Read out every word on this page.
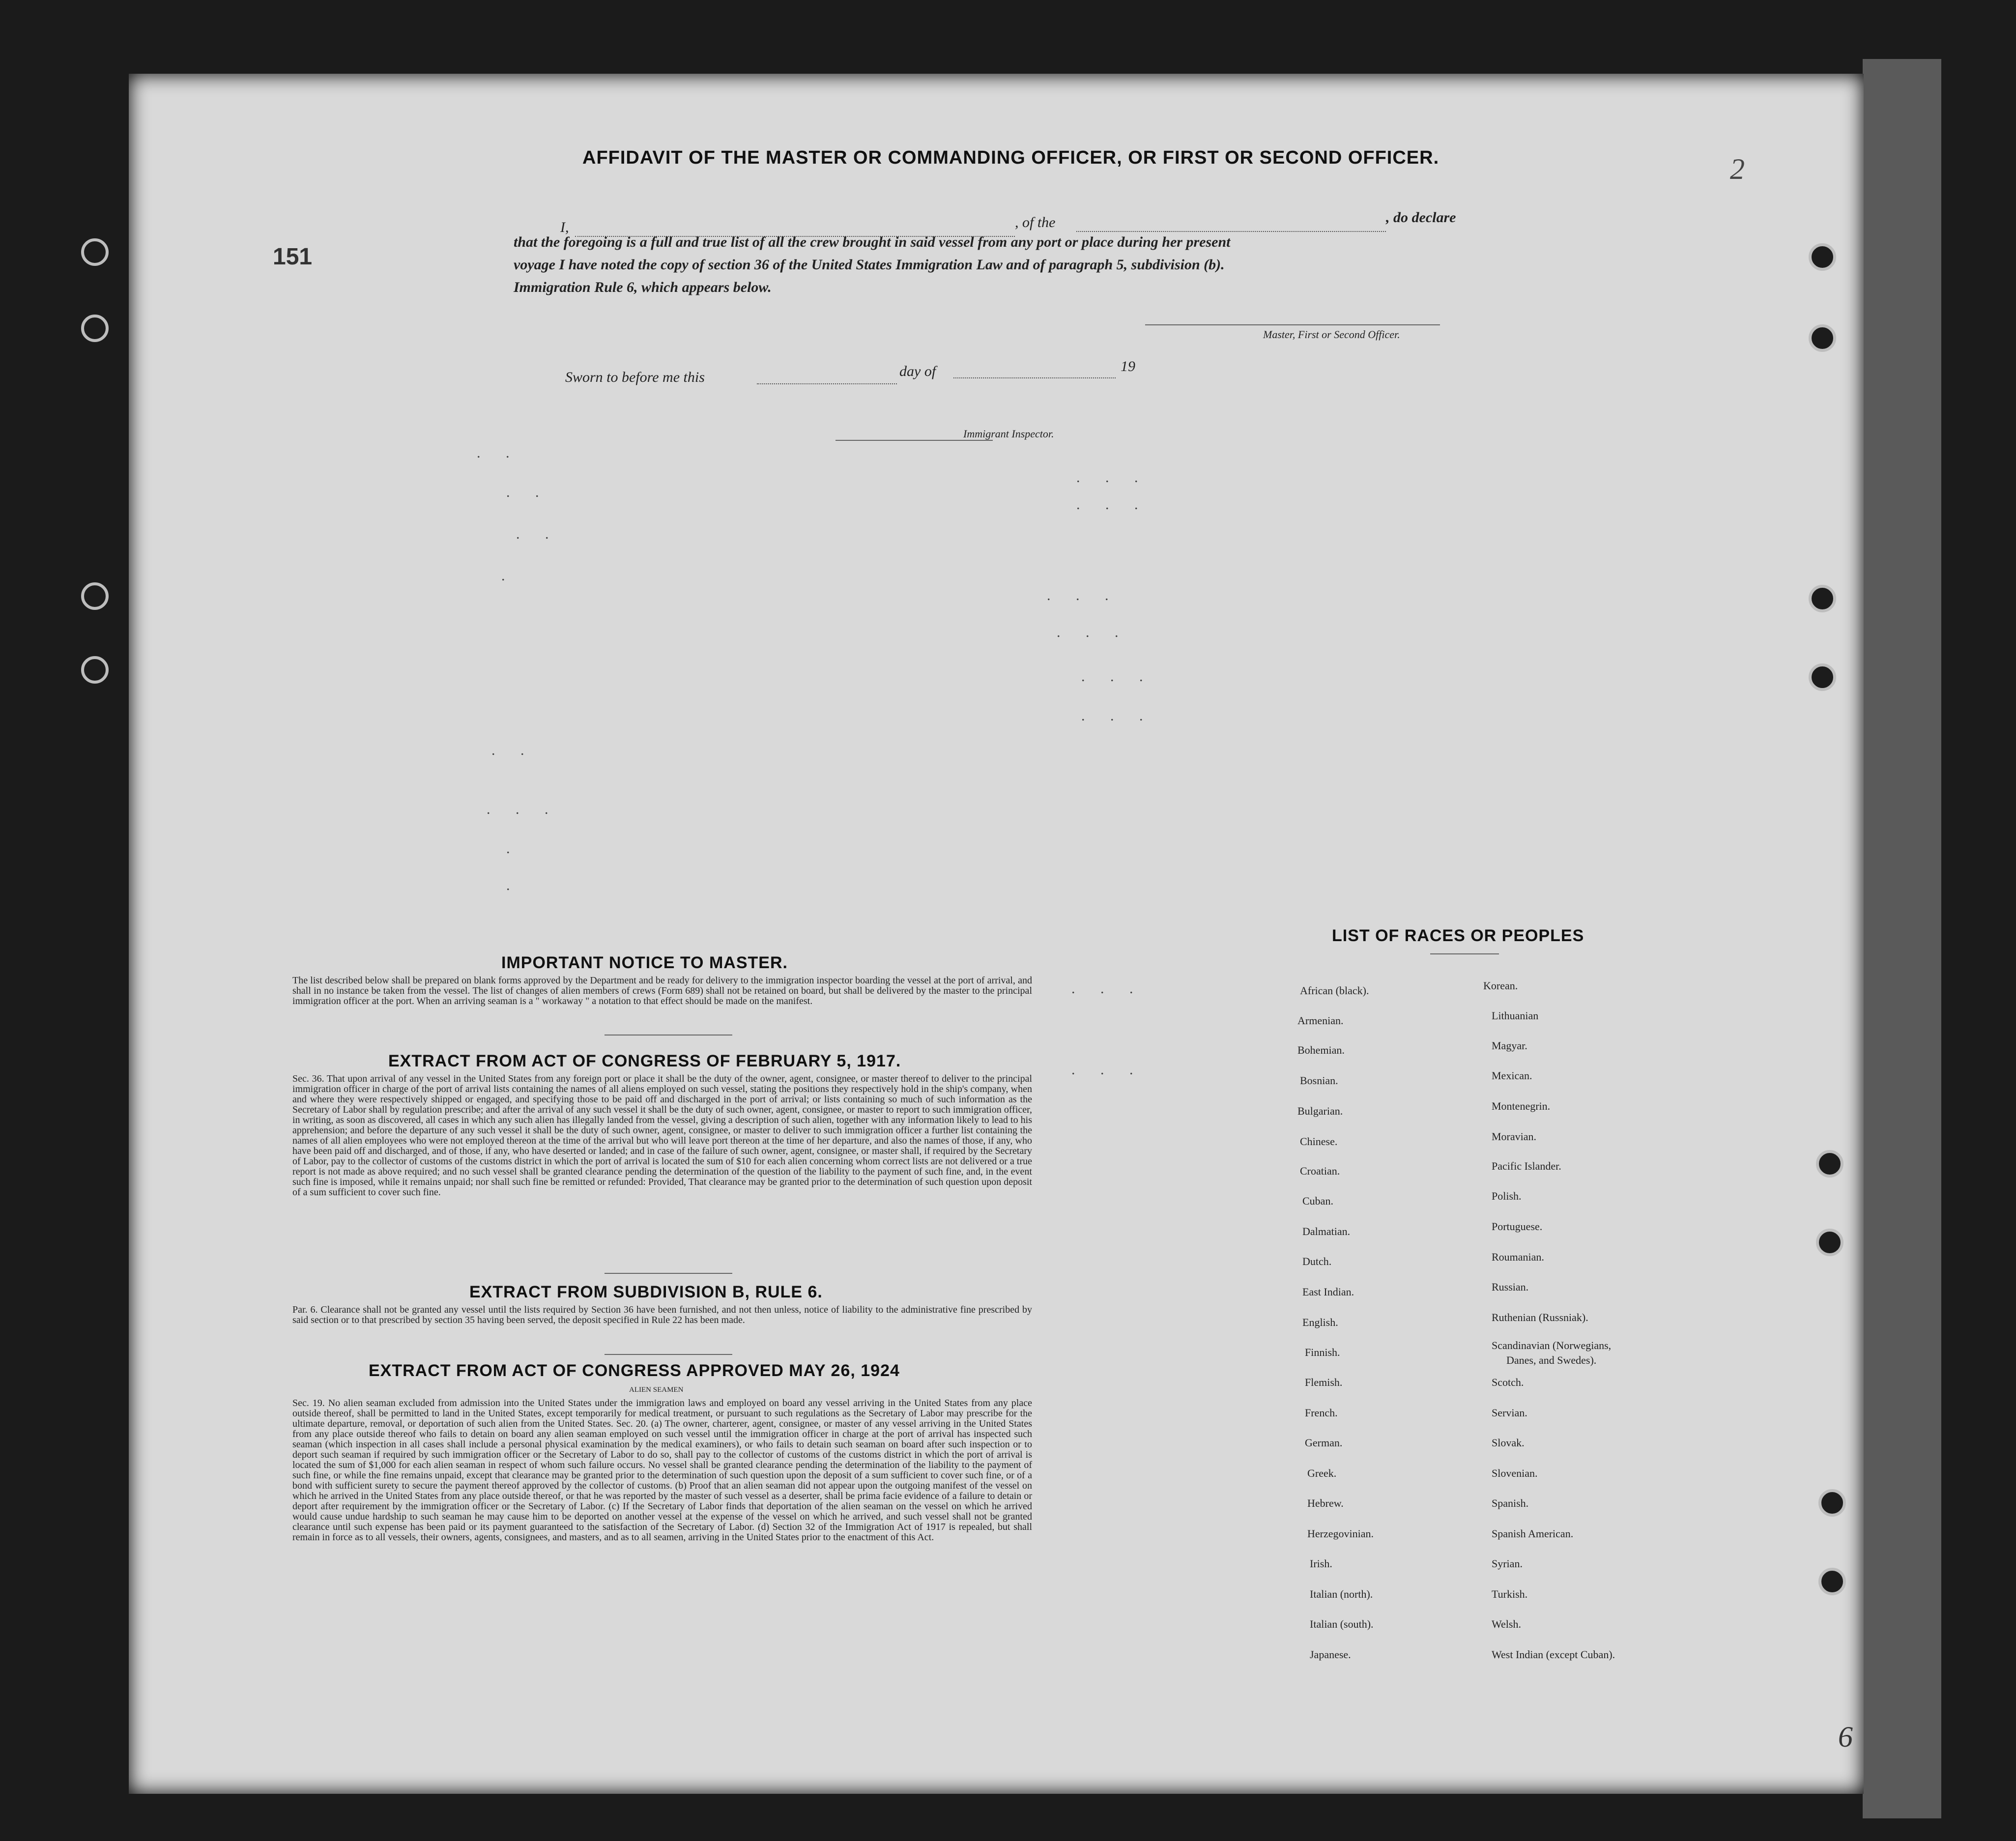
151
2
6
AFFIDAVIT OF THE MASTER OR COMMANDING OFFICER, OR FIRST OR SECOND OFFICER.
I,	, of the	, do declare
that the foregoing is a full and true list of all the crew brought in said vessel from any port or place during her present
voyage I have noted the copy of section 36 of the United States Immigration Law and of paragraph 5, subdivision (b).
Immigration Rule 6, which appears below.
Master, First or Second Officer.
Sworn to before me this	day of	19
Immigrant Inspector.
. .
. . .
. .
. . .
. .
.
. . .
. . .
. . .
. . .
. .
. . .
.
.
. . .
. . .
IMPORTANT NOTICE TO MASTER.
The list described below shall be prepared on blank forms approved by the Department and be ready for delivery to the immigration inspector boarding the vessel at the port of arrival, and shall in no instance be taken from the vessel. The list of changes of alien members of crews (Form 689) shall not be retained on board, but shall be delivered by the master to the principal immigration officer at the port. When an arriving seaman is a " workaway " a notation to that effect should be made on the manifest.
EXTRACT FROM ACT OF CONGRESS OF FEBRUARY 5, 1917.
Sec. 36. That upon arrival of any vessel in the United States from any foreign port or place it shall be the duty of the owner, agent, consignee, or master thereof to deliver to the principal immigration officer in charge of the port of arrival lists containing the names of all aliens employed on such vessel, stating the positions they respectively hold in the ship's company, when and where they were respectively shipped or engaged, and specifying those to be paid off and discharged in the port of arrival; or lists containing so much of such information as the Secretary of Labor shall by regulation prescribe; and after the arrival of any such vessel it shall be the duty of such owner, agent, consignee, or master to report to such immigration officer, in writing, as soon as discovered, all cases in which any such alien has illegally landed from the vessel, giving a description of such alien, together with any information likely to lead to his apprehension; and before the departure of any such vessel it shall be the duty of such owner, agent, consignee, or master to deliver to such immigration officer a further list containing the names of all alien employees who were not employed thereon at the time of the arrival but who will leave port thereon at the time of her departure, and also the names of those, if any, who have been paid off and discharged, and of those, if any, who have deserted or landed; and in case of the failure of such owner, agent, consignee, or master shall, if required by the Secretary of Labor, pay to the collector of customs of the customs district in which the port of arrival is located the sum of $10 for each alien concerning whom correct lists are not delivered or a true report is not made as above required; and no such vessel shall be granted clearance pending the determination of the question of the liability to the payment of such fine, and, in the event such fine is imposed, while it remains unpaid; nor shall such fine be remitted or refunded: Provided, That clearance may be granted prior to the determination of such question upon deposit of a sum sufficient to cover such fine.
EXTRACT FROM SUBDIVISION B, RULE 6.
Par. 6. Clearance shall not be granted any vessel until the lists required by Section 36 have been furnished, and not then unless, notice of liability to the administrative fine prescribed by said section or to that prescribed by section 35 having been served, the deposit specified in Rule 22 has been made.
EXTRACT FROM ACT OF CONGRESS APPROVED MAY 26, 1924
ALIEN SEAMEN
Sec. 19. No alien seaman excluded from admission into the United States under the immigration laws and employed on board any vessel arriving in the United States from any place outside thereof, shall be permitted to land in the United States, except temporarily for medical treatment, or pursuant to such regulations as the Secretary of Labor may prescribe for the ultimate departure, removal, or deportation of such alien from the United States. Sec. 20. (a) The owner, charterer, agent, consignee, or master of any vessel arriving in the United States from any place outside thereof who fails to detain on board any alien seaman employed on such vessel until the immigration officer in charge at the port of arrival has inspected such seaman (which inspection in all cases shall include a personal physical examination by the medical examiners), or who fails to detain such seaman on board after such inspection or to deport such seaman if required by such immigration officer or the Secretary of Labor to do so, shall pay to the collector of customs of the customs district in which the port of arrival is located the sum of $1,000 for each alien seaman in respect of whom such failure occurs. No vessel shall be granted clearance pending the determination of the liability to the payment of such fine, or while the fine remains unpaid, except that clearance may be granted prior to the determination of such question upon the deposit of a sum sufficient to cover such fine, or of a bond with sufficient surety to secure the payment thereof approved by the collector of customs. (b) Proof that an alien seaman did not appear upon the outgoing manifest of the vessel on which he arrived in the United States from any place outside thereof, or that he was reported by the master of such vessel as a deserter, shall be prima facie evidence of a failure to detain or deport after requirement by the immigration officer or the Secretary of Labor. (c) If the Secretary of Labor finds that deportation of the alien seaman on the vessel on which he arrived would cause undue hardship to such seaman he may cause him to be deported on another vessel at the expense of the vessel on which he arrived, and such vessel shall not be granted clearance until such expense has been paid or its payment guaranteed to the satisfaction of the Secretary of Labor. (d) Section 32 of the Immigration Act of 1917 is repealed, but shall remain in force as to all vessels, their owners, agents, consignees, and masters, and as to all seamen, arriving in the United States prior to the enactment of this Act.
LIST OF RACES OR PEOPLES
African (black).
Armenian.
Bohemian.
Bosnian.
Bulgarian.
Chinese.
Croatian.
Cuban.
Dalmatian.
Dutch.
East Indian.
English.
Finnish.
Flemish.
French.
German.
Greek.
Hebrew.
Herzegovinian.
Irish.
Italian (north).
Italian (south).
Japanese.
Korean.
Lithuanian
Magyar.
Mexican.
Montenegrin.
Moravian.
Pacific Islander.
Polish.
Portuguese.
Roumanian.
Russian.
Ruthenian (Russniak).
Scandinavian (Norwegians,
Scotch.
Servian.
Slovak.
Slovenian.
Spanish.
Spanish American.
Syrian.
Turkish.
Welsh.
West Indian (except Cuban).
Danes, and Swedes).
